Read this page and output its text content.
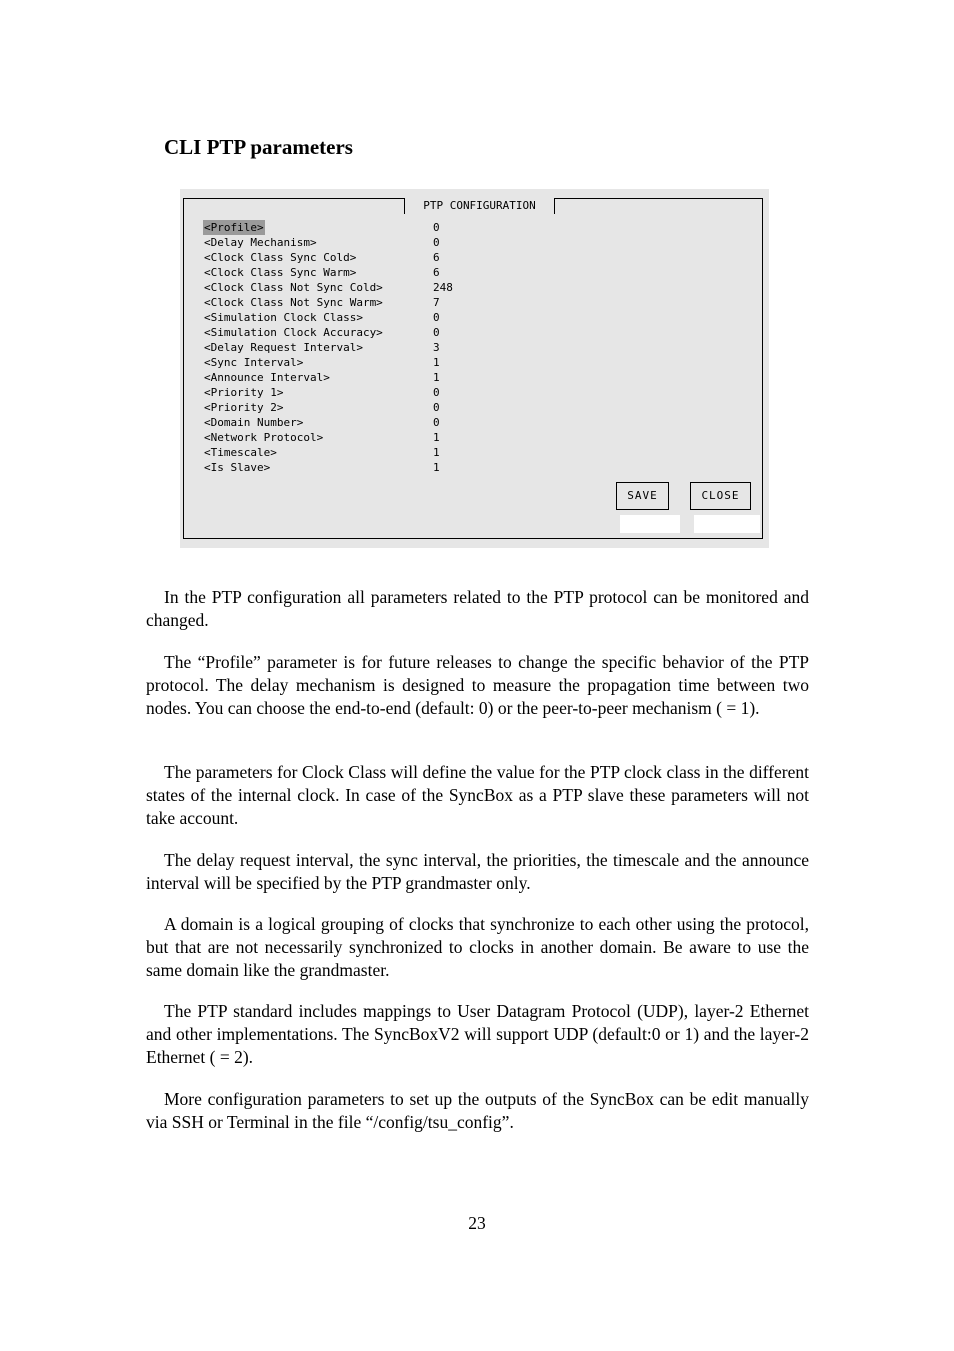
CLI PTP parameters
PTP CONFIGURATION
SAVE	CLOSE
<Profile>	0
<Delay Mechanism>	0
<Clock Class Sync Cold>	6
<Clock Class Sync Warm>	6
<Clock Class Not Sync Cold>	248
<Clock Class Not Sync Warm>	7
<Simulation Clock Class>	0
<Simulation Clock Accuracy>	0
<Delay Request Interval>	3
<Sync Interval>	1
<Announce Interval>	1
<Priority 1>	0
<Priority 2>	0
<Domain Number>	0
<Network Protocol>	1
<Timescale>	1
<Is Slave>	1

In the PTP configuration all parameters related to the PTP protocol can be monitored and changed.

The “Profile” parameter is for future releases to change the specific behavior of the PTP protocol. The delay mechanism is designed to measure the propagation time between two nodes. You can choose the end-to-end (default: 0) or the peer-to-peer mechanism ( = 1).

The parameters for Clock Class will define the value for the PTP clock class in the different states of the internal clock. In case of the SyncBox as a PTP slave these parameters will not take account.

The delay request interval, the sync interval, the priorities, the timescale and the announce interval will be specified by the PTP grandmaster only.

A domain is a logical grouping of clocks that synchronize to each other using the protocol, but that are not necessarily synchronized to clocks in another domain. Be aware to use the same domain like the grandmaster.

The PTP standard includes mappings to User Datagram Protocol (UDP), layer-2 Ethernet and other implementations. The SyncBoxV2 will support UDP (default:0 or 1) and the layer-2 Ethernet ( = 2).

More configuration parameters to set up the outputs of the SyncBox can be edit manually via SSH or Terminal in the file “/config/tsu_config”.

23
